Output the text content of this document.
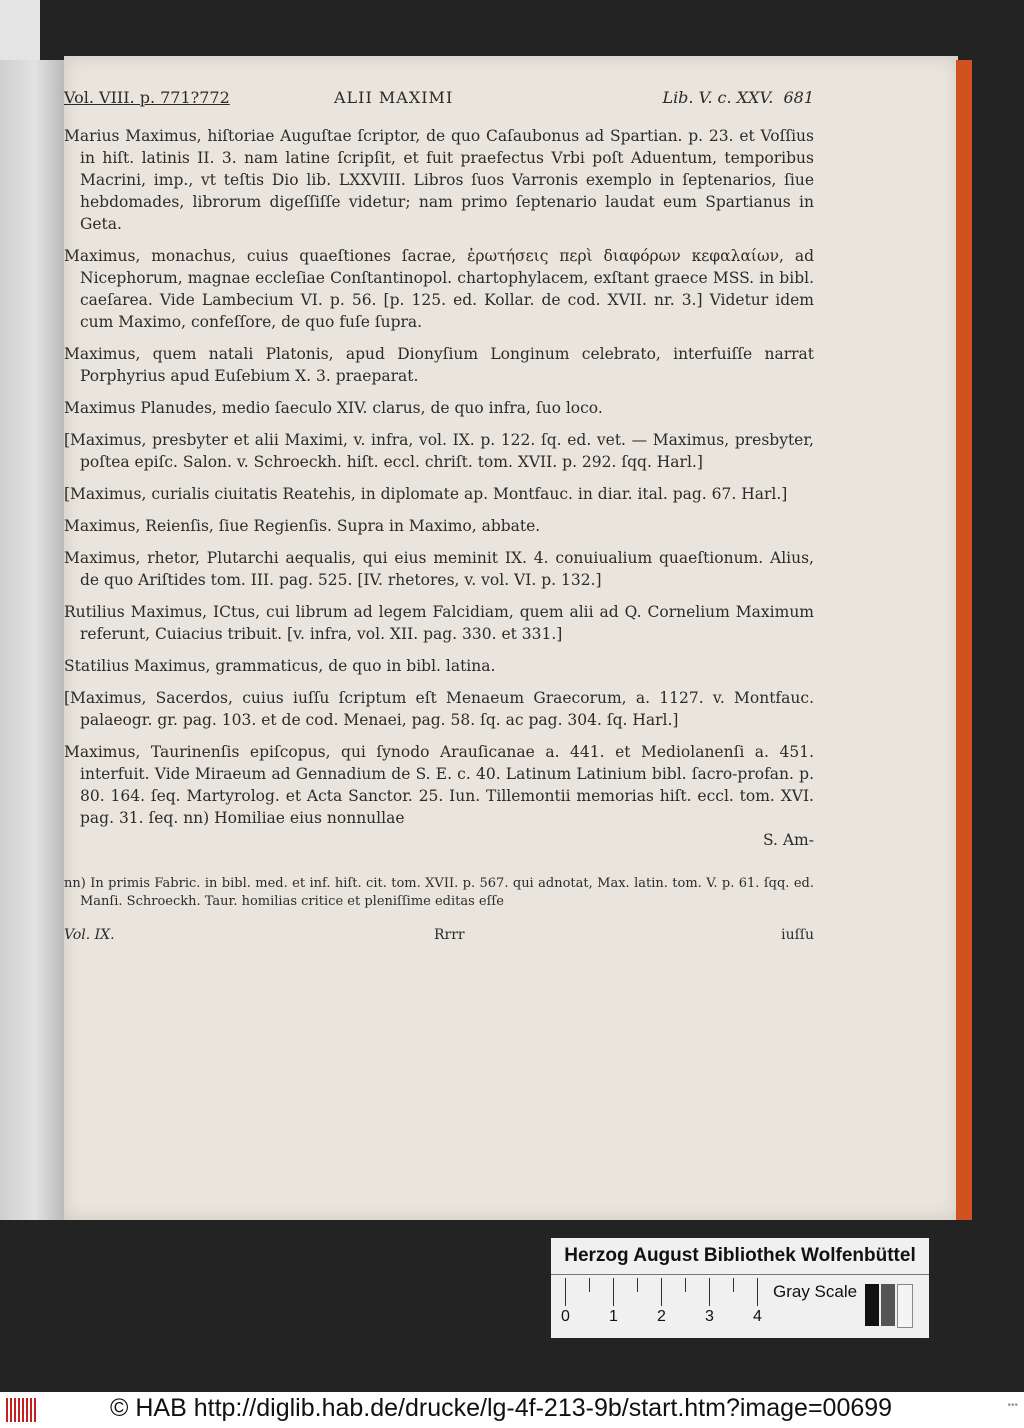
Vol. VIII. p. 771?772	ALII MAXIMI	Lib. V. c. XXV. 681

Marius Maximus, hiſtoriae Auguſtae ſcriptor, de quo Caſaubonus ad Spartian. p. 23. et Voſſius in hiſt. latinis II. 3. nam latine ſcripſit, et fuit praefectus Vrbi poſt Aduentum, temporibus Macrini, imp., vt teſtis Dio lib. LXXVIII. Libros ſuos Varronis exemplo in ſeptenarios, ſiue hebdomades, librorum digeſſiſſe videtur; nam primo ſeptenario laudat eum Spartianus in Geta.

Maximus, monachus, cuius quaeſtiones ſacrae, ἐρωτήσεις περὶ διαφόρων κεφαλαίων, ad Nicephorum, magnae eccleſiae Conſtantinopol. chartophylacem, exſtant graece MSS. in bibl. caeſarea. Vide Lambecium VI. p. 56. [p. 125. ed. Kollar. de cod. XVII. nr. 3.] Videtur idem cum Maximo, confeſſore, de quo fuſe ſupra.

Maximus, quem natali Platonis, apud Dionyſium Longinum celebrato, interfuiſſe narrat Porphyrius apud Euſebium X. 3. praeparat.

Maximus Planudes, medio ſaeculo XIV. clarus, de quo infra, ſuo loco.

[Maximus, presbyter et alii Maximi, v. infra, vol. IX. p. 122. ſq. ed. vet. — Maximus, presbyter, poſtea epiſc. Salon. v. Schroeckh. hiſt. eccl. chriſt. tom. XVII. p. 292. ſqq. Harl.]

[Maximus, curialis ciuitatis Reatehis, in diplomate ap. Montfauc. in diar. ital. pag. 67. Harl.]

Maximus, Reienſis, ſiue Regienſis. Supra in Maximo, abbate.

Maximus, rhetor, Plutarchi aequalis, qui eius meminit IX. 4. conuiualium quaeſtionum. Alius, de quo Ariſtides tom. III. pag. 525. [IV. rhetores, v. vol. VI. p. 132.]

Rutilius Maximus, ICtus, cui librum ad legem Falcidiam, quem alii ad Q. Cornelium Maximum referunt, Cuiacius tribuit. [v. infra, vol. XII. pag. 330. et 331.]

Statilius Maximus, grammaticus, de quo in bibl. latina.

[Maximus, Sacerdos, cuius iuſſu ſcriptum eſt Menaeum Graecorum, a. 1127. v. Montfauc. palaeogr. gr. pag. 103. et de cod. Menaei, pag. 58. ſq. ac pag. 304. ſq. Harl.]

Maximus, Taurinenſis epiſcopus, qui ſynodo Arauſicanae a. 441. et Mediolanenſi a. 451. interfuit. Vide Miraeum ad Gennadium de S. E. c. 40. Latinum Latinium bibl. ſacro-profan. p. 80. 164. ſeq. Martyrolog. et Acta Sanctor. 25. Iun. Tillemontii memorias hiſt. eccl. tom. XVI. pag. 31. ſeq. nn) Homiliae eius nonnullae

S. Am-

nn) In primis Fabric. in bibl. med. et inf. hiſt. cit. tom. XVII. p. 567. qui adnotat, Max. latin. tom. V. p. 61. ſqq. ed. Manſi. Schroeckh. Taur. homilias critice et pleniſſime editas eſſe

Vol. IX.	Rrrr	iuſſu
Herzog August Bibliothek Wolfenbüttel
0 1 2 3 4
Gray Scale
© HAB http://diglib.hab.de/drucke/lg-4f-213-9b/start.htm?image=00699	•••
